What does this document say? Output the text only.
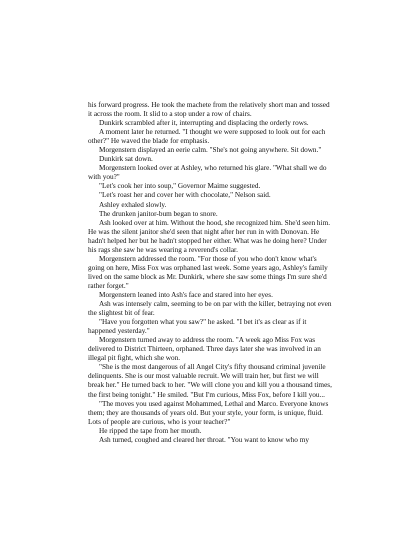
his forward progress. He took the machete from the relatively short man and tossed it across the room. It slid to a stop under a row of chairs.

Dunkirk scrambled after it, interrupting and displacing the orderly rows.

A moment later he returned. "I thought we were supposed to look out for each other?" He waved the blade for emphasis.

Morgenstern displayed an eerie calm. "She's not going anywhere. Sit down."

Dunkirk sat down.

Morgenstern looked over at Ashley, who returned his glare. "What shall we do with you?"

"Let's cook her into soup," Governor Maime suggested.

"Let's roast her and cover her with chocolate," Nelson said.

Ashley exhaled slowly.

The drunken janitor-bum began to snore.

Ash looked over at him. Without the hood, she recognized him. She'd seen him. He was the silent janitor she'd seen that night after her run in with Donovan. He hadn't helped her but he hadn't stopped her either. What was he doing here? Under his rags she saw he was wearing a reverend's collar.

Morgenstern addressed the room. "For those of you who don't know what's going on here, Miss Fox was orphaned last week. Some years ago, Ashley's family lived on the same block as Mr. Dunkirk, where she saw some things I'm sure she'd rather forget."

Morgenstern leaned into Ash's face and stared into her eyes.

Ash was intensely calm, seeming to be on par with the killer, betraying not even the slightest bit of fear.

"Have you forgotten what you saw?" he asked. "I bet it's as clear as if it happened yesterday."

Morgenstern turned away to address the room. "A week ago Miss Fox was delivered to District Thirteen, orphaned. Three days later she was involved in an illegal pit fight, which she won.

"She is the most dangerous of all Angel City's fifty thousand criminal juvenile delinquents. She is our most valuable recruit. We will train her, but first we will break her." He turned back to her. "We will clone you and kill you a thousand times, the first being tonight." He smiled. "But I'm curious, Miss Fox, before I kill you...

"The moves you used against Mohammed, Lethal and Marco. Everyone knows them; they are thousands of years old. But your style, your form, is unique, fluid. Lots of people are curious, who is your teacher?"

He ripped the tape from her mouth.

Ash turned, coughed and cleared her throat. "You want to know who my
